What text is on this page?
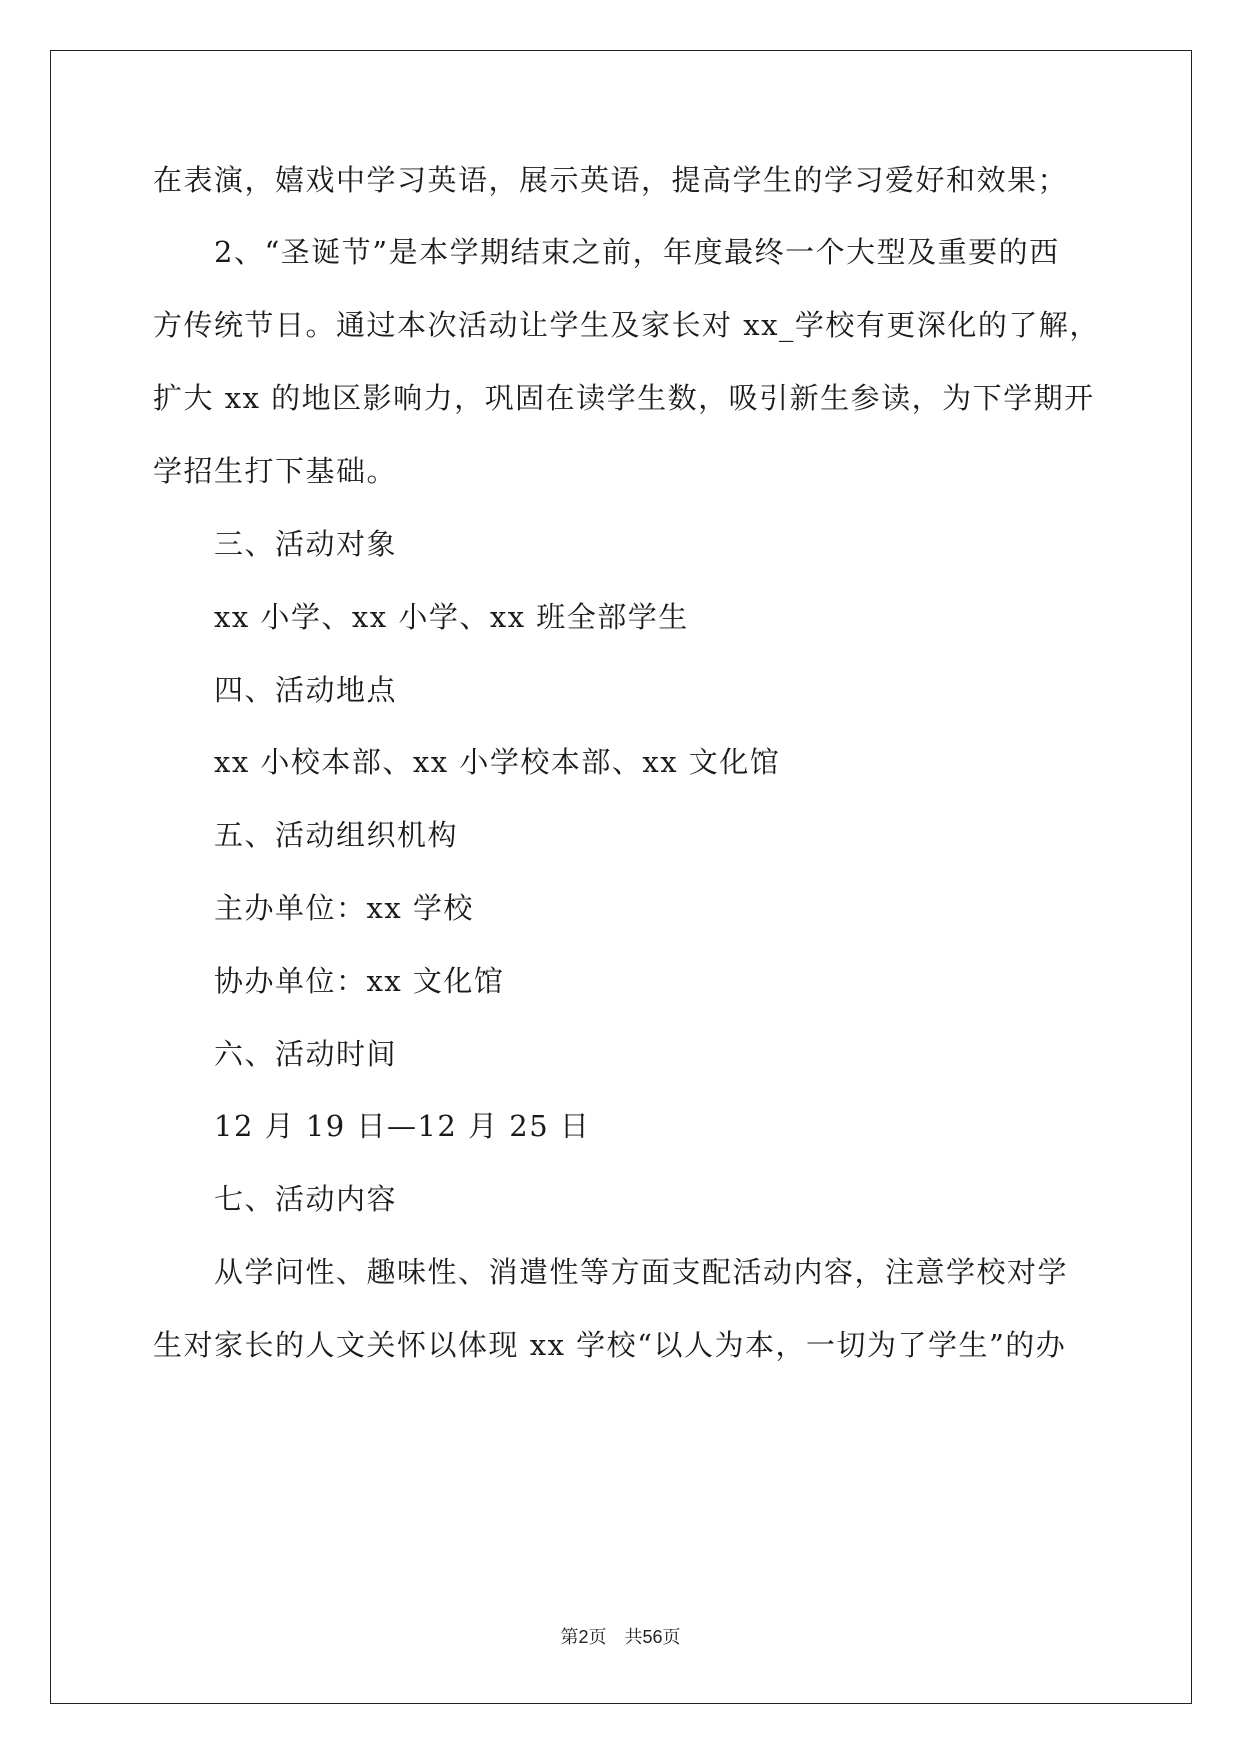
在表演，嬉戏中学习英语，展示英语，提高学生的学习爱好和效果；
2、“圣诞节”是本学期结束之前，年度最终一个大型及重要的西
方传统节日。通过本次活动让学生及家长对 xx_学校有更深化的了解，
扩大 xx 的地区影响力，巩固在读学生数，吸引新生参读，为下学期开
学招生打下基础。
三、活动对象
xx 小学、xx 小学、xx 班全部学生
四、活动地点
xx 小校本部、xx 小学校本部、xx 文化馆
五、活动组织机构
主办单位：xx 学校
协办单位：xx 文化馆
六、活动时间
12 月 19 日—12 月 25 日
七、活动内容
从学问性、趣味性、消遣性等方面支配活动内容，注意学校对学
生对家长的人文关怀以体现 xx 学校“以人为本，一切为了学生”的办
第2页 共56页
